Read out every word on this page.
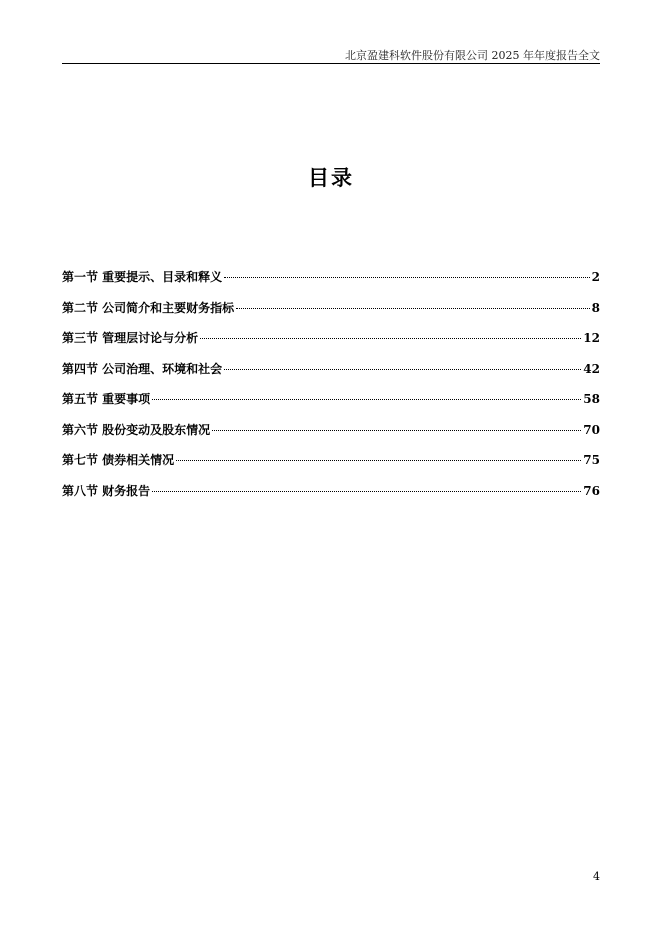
北京盈建科软件股份有限公司 2025 年年度报告全文
目录
第一节 重要提示、目录和释义	2
第二节 公司简介和主要财务指标	8
第三节 管理层讨论与分析	12
第四节 公司治理、环境和社会	42
第五节 重要事项	58
第六节 股份变动及股东情况	70
第七节 债券相关情况	75
第八节 财务报告	76
4
